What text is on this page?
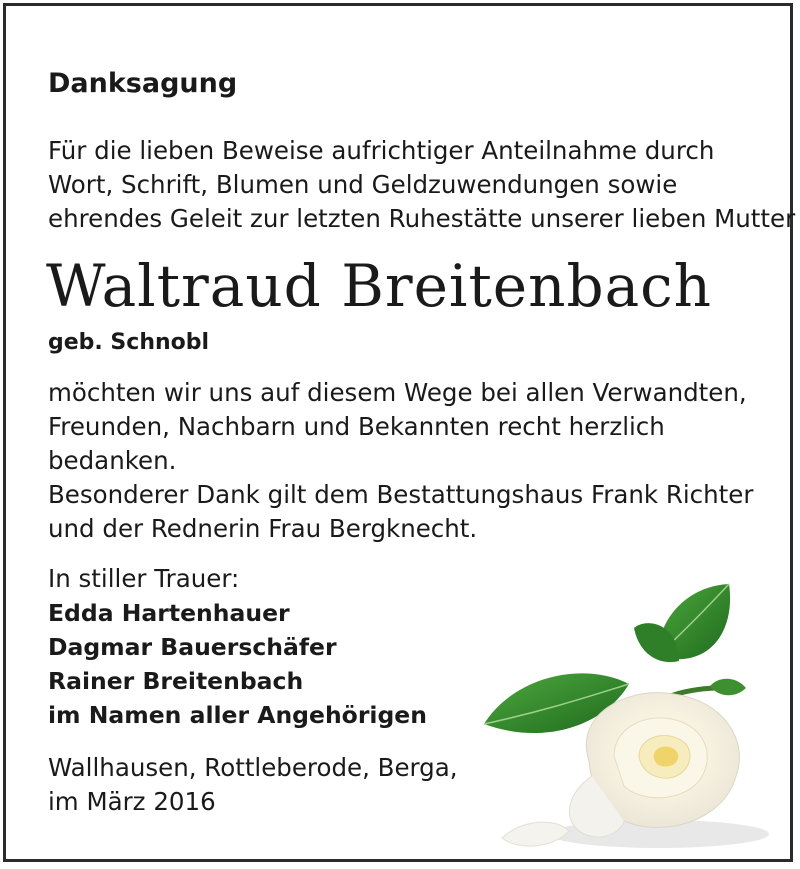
Danksagung
Für die lieben Beweise aufrichtiger Anteilnahme durch
Wort, Schrift, Blumen und Geldzuwendungen sowie
ehrendes Geleit zur letzten Ruhestätte unserer lieben Mutter
Waltraud Breitenbach
geb. Schnobl
möchten wir uns auf diesem Wege bei allen Verwandten,
Freunden, Nachbarn und Bekannten recht herzlich
bedanken.
Besonderer Dank gilt dem Bestattungshaus Frank Richter
und der Rednerin Frau Bergknecht.
In stiller Trauer:
Edda Hartenhauer
Dagmar Bauerschäfer
Rainer Breitenbach
im Namen aller Angehörigen
Wallhausen, Rottleberode, Berga,
im März 2016
